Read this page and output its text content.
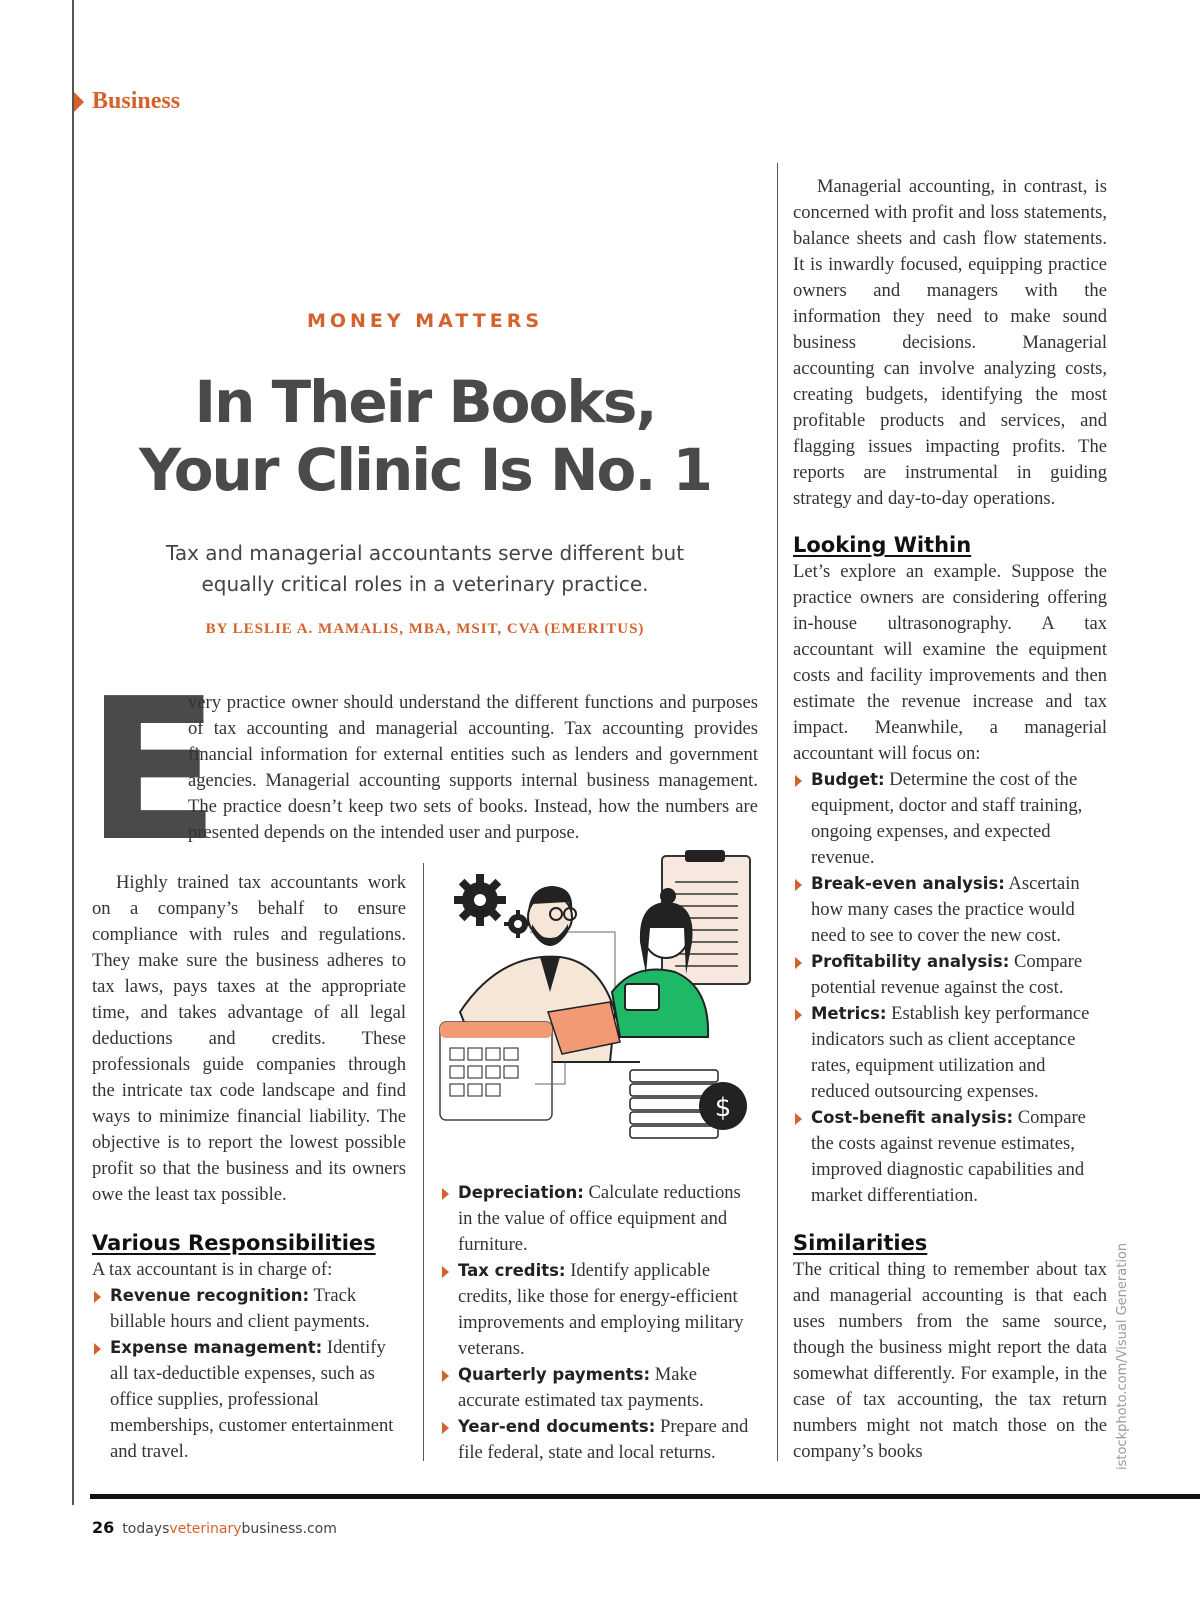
Business
MONEY MATTERS
In Their Books,
Your Clinic Is No. 1
Tax and managerial accountants serve different but
equally critical roles in a veterinary practice.
BY LESLIE A. MAMALIS, MBA, MSIT, CVA (EMERITUS)
E
very practice owner should understand the different functions and purposes of tax accounting and managerial accounting. Tax accounting provides financial information for external entities such as lenders and government agencies. Managerial accounting supports internal business management. The practice doesn’t keep two sets of books. Instead, how the numbers are presented depends on the intended user and purpose.

Highly trained tax accountants work on a company’s behalf to ensure compliance with rules and regulations. They make sure the business adheres to tax laws, pays taxes at the appropriate time, and takes advantage of all legal deductions and credits. These professionals guide companies through the intricate tax code landscape and find ways to minimize financial liability. The objective is to report the lowest possible profit so that the business and its owners owe the least tax possible.

Various Responsibilities

A tax accountant is in charge of:

Revenue recognition: Track billable hours and client payments.
Expense management: Identify all tax-deductible expenses, such as office supplies, professional memberships, customer entertainment and travel.
$
Depreciation: Calculate reductions in the value of office equipment and furniture.
Tax credits: Identify applicable credits, like those for energy-efficient improvements and employing military veterans.
Quarterly payments: Make accurate estimated tax payments.
Year-end documents: Prepare and file federal, state and local returns.

Managerial accounting, in contrast, is concerned with profit and loss statements, balance sheets and cash flow statements. It is inwardly focused, equipping practice owners and managers with the information they need to make sound business decisions. Managerial accounting can involve analyzing costs, creating budgets, identifying the most profitable products and services, and flagging issues impacting profits. The reports are instrumental in guiding strategy and day-to-day operations.

Looking Within

Let’s explore an example. Suppose the practice owners are considering offering in-house ultrasonography. A tax accountant will examine the equipment costs and facility improvements and then estimate the revenue increase and tax impact. Meanwhile, a managerial accountant will focus on:

Budget: Determine the cost of the equipment, doctor and staff training, ongoing expenses, and expected revenue.
Break-even analysis: Ascertain how many cases the practice would need to see to cover the new cost.
Profitability analysis: Compare potential revenue against the cost.
Metrics: Establish key performance indicators such as client acceptance rates, equipment utilization and reduced outsourcing expenses.
Cost-benefit analysis: Compare the costs against revenue estimates, improved diagnostic capabilities and market differentiation.
Similarities

The critical thing to remember about tax and managerial accounting is that each uses numbers from the same source, though the business might report the data somewhat differently. For example, in the case of tax accounting, the tax return numbers might not match those on the company’s books	istockphoto.com/Visual Generation
26 todaysveterinarybusiness.com
